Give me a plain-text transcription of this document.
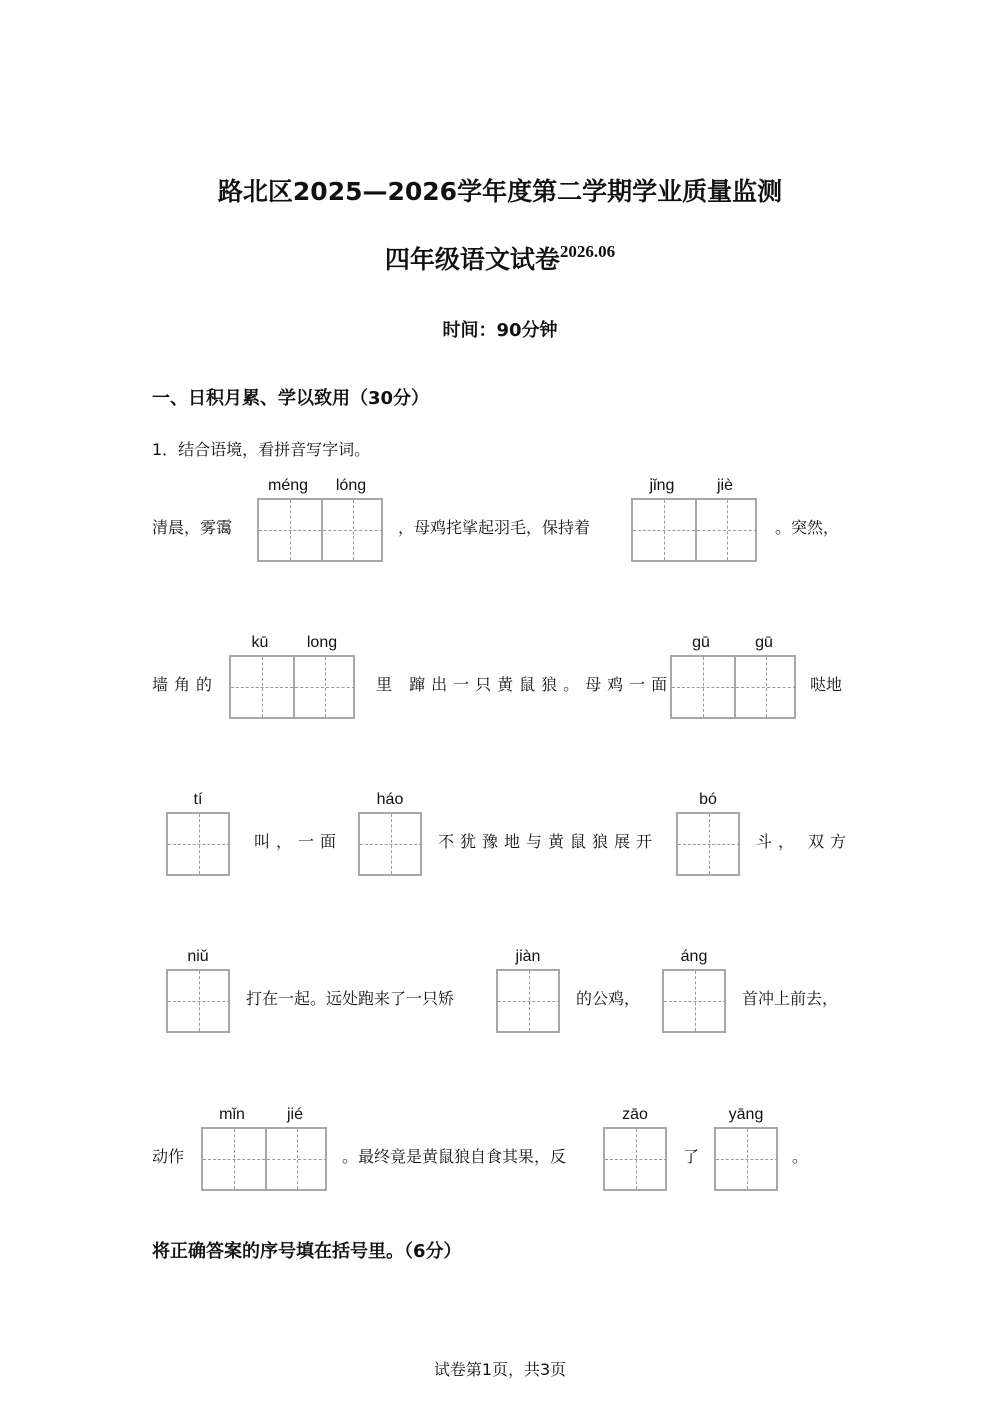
路北区2025—2026学年度第二学期学业质量监测
四年级语文试卷2026.06
时间：90分钟
一、日积月累、学以致用（30分）
1．结合语境，看拼音写字词。
清晨，雾霭
méng	lóng
，母鸡挓挲起羽毛，保持着
jǐng	jiè
。突然，
墙角的
kū	long
里 蹿出一只黄鼠狼。母鸡一面
gū	gū
哒地
tí
叫，一面
háo
不犹豫地与黄鼠狼展开
bó
斗， 双方
niǔ
打在一起。远处跑来了一只矫
jiàn
的公鸡，
áng
首冲上前去，
动作
mǐn	jié
。最终竟是黄鼠狼自食其果，反
zāo
了
yāng
。
将正确答案的序号填在括号里。（6分）
试卷第1页，共3页
